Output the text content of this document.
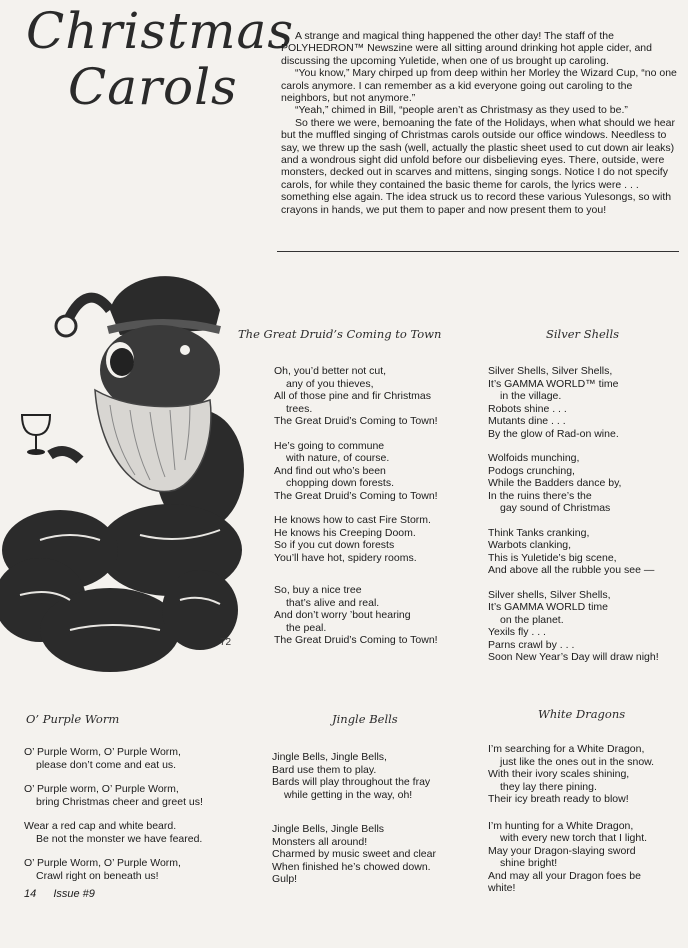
Christmas
Carols

A strange and magical thing happened the other day! The staff of the POLYHEDRON™ Newszine were all sitting around drinking hot apple cider, and discussing the upcoming Yuletide, when one of us brought up caroling.

“You know,” Mary chirped up from deep within her Morley the Wizard Cup, “no one carols anymore. I can remember as a kid everyone going out caroling to the neighbors, but not anymore.”

“Yeah,” chimed in Bill, “people aren’t as Christmasy as they used to be.”

So there we were, bemoaning the fate of the Holidays, when what should we hear but the muffled singing of Christmas carols outside our office windows. Needless to say, we threw up the sash (well, actually the plastic sheet used to cut down air leaks) and a wondrous sight did unfold before our disbelieving eyes. There, outside, were monsters, decked out in scarves and mittens, singing songs. Notice I do not specify carols, for while they contained the basic theme for carols, the lyrics were . . . something else again. The idea struck us to record these various Yulesongs, so with crayons in hands, we put them to paper and now present them to you!

72
The Great Druid’s Coming to Town
Oh, you’d better not cut,
any of you thieves,
All of those pine and fir Christmas
trees.
The Great Druid’s Coming to Town!
He’s going to commune
with nature, of course.
And find out who’s been
chopping down forests.
The Great Druid’s Coming to Town!
He knows how to cast Fire Storm.
He knows his Creeping Doom.
So if you cut down forests
You’ll have hot, spidery rooms.
So, buy a nice tree
that’s alive and real.
And don’t worry ’bout hearing
the peal.
The Great Druid’s Coming to Town!
Silver Shells
Silver Shells, Silver Shells,
It’s GAMMA WORLD™ time
in the village.
Robots shine . . .
Mutants dine . . .
By the glow of Rad-on wine.
Wolfoids munching,
Podogs crunching,
While the Badders dance by,
In the ruins there’s the
gay sound of Christmas
Think Tanks cranking,
Warbots clanking,
This is Yuletide’s big scene,
And above all the rubble you see —
Silver shells, Silver Shells,
It’s GAMMA WORLD time
on the planet.
Yexils fly . . .
Parns crawl by . . .
Soon New Year’s Day will draw nigh!
O’ Purple Worm
O’ Purple Worm, O’ Purple Worm,
please don’t come and eat us.
O’ Purple worm, O’ Purple Worm,
bring Christmas cheer and greet us!
Wear a red cap and white beard.
Be not the monster we have feared.
O’ Purple Worm, O’ Purple Worm,
Crawl right on beneath us!
Jingle Bells
Jingle Bells, Jingle Bells,
Bard use them to play.
Bards will play throughout the fray
while getting in the way, oh!
Jingle Bells, Jingle Bells
Monsters all around!
Charmed by music sweet and clear
When finished he’s chowed down.
Gulp!
White Dragons
I’m searching for a White Dragon,
just like the ones out in the snow.
With their ivory scales shining,
they lay there pining.
Their icy breath ready to blow!
I’m hunting for a White Dragon,
with every new torch that I light.
May your Dragon-slaying sword
shine bright!
And may all your Dragon foes be
white!
14 Issue #9
